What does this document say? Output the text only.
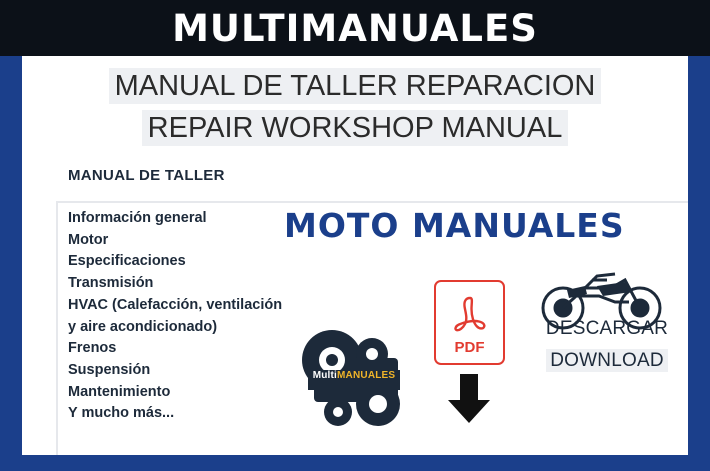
MULTIMANUALES
MANUAL DE TALLER REPARACION
REPAIR WORKSHOP MANUAL
MANUAL DE TALLER
Información general
Motor
Especificaciones
Transmisión
HVAC (Calefacción, ventilación y aire acondicionado)
Frenos
Suspensión
Mantenimiento
Y mucho más...
MOTO MANUALES
PDF
MultiMANUALES
DESCARGAR
DOWNLOAD
